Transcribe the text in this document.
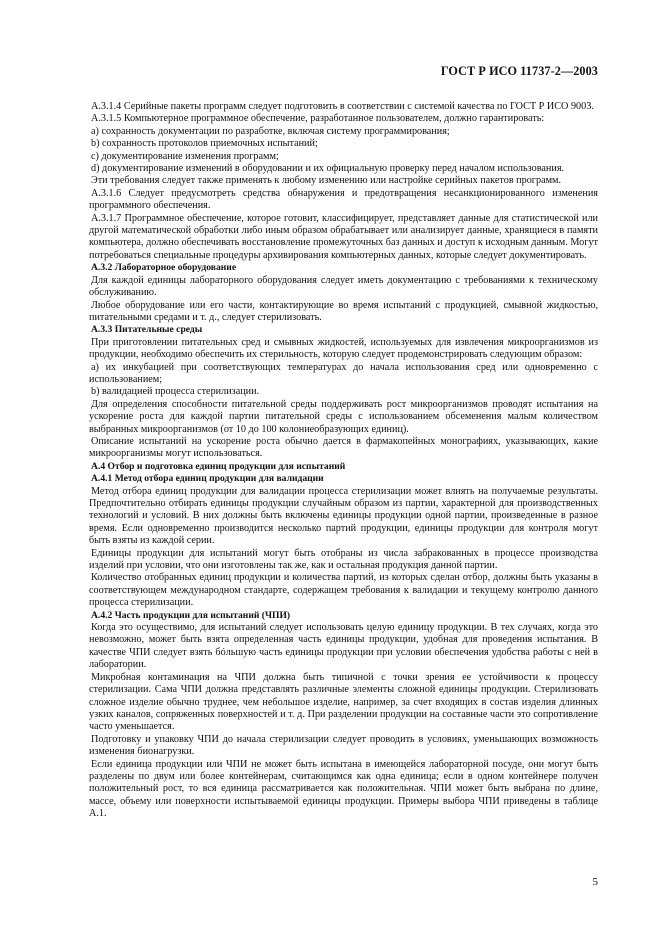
ГОСТ Р ИСО 11737-2—2003

А.3.1.4 Серийные пакеты программ следует подготовить в соответствии с системой качества по ГОСТ Р ИСО 9003.

А.3.1.5 Компьютерное программное обеспечение, разработанное пользователем, должно гарантировать:

а) сохранность документации по разработке, включая систему программирования;

b) сохранность протоколов приемочных испытаний;

c) документирование изменения программ;

d) документирование изменений в оборудовании и их официальную проверку перед началом использования.

Эти требования следует также применять к любому изменению или настройке серийных пакетов программ.

А.3.1.6 Следует предусмотреть средства обнаружения и предотвращения несанкционированного изменения программного обеспечения.

А.3.1.7 Программное обеспечение, которое готовит, классифицирует, представляет данные для статистической или другой математической обработки либо иным образом обрабатывает или анализирует данные, хранящиеся в памяти компьютера, должно обеспечивать восстановление промежуточных баз данных и доступ к исходным данным. Могут потребоваться специальные процедуры архивирования компьютерных данных, которые следует документировать.

А.3.2 Лабораторное оборудование

Для каждой единицы лабораторного оборудования следует иметь документацию с требованиями к техническому обслуживанию.

Любое оборудование или его части, контактирующие во время испытаний с продукцией, смывной жидкостью, питательными средами и т. д., следует стерилизовать.

А.3.3 Питательные среды

При приготовлении питательных сред и смывных жидкостей, используемых для извлечения микроорганизмов из продукции, необходимо обеспечить их стерильность, которую следует продемонстрировать следующим образом:

а) их инкубацией при соответствующих температурах до начала использования сред или одновременно с использованием;

b) валидацией процесса стерилизации.

Для определения способности питательной среды поддерживать рост микроорганизмов проводят испытания на ускорение роста для каждой партии питательной среды с использованием обсеменения малым количеством выбранных микроорганизмов (от 10 до 100 колониеобразующих единиц).

Описание испытаний на ускорение роста обычно дается в фармакопейных монографиях, указывающих, какие микроорганизмы могут использоваться.

А.4 Отбор и подготовка единиц продукции для испытаний

А.4.1 Метод отбора единиц продукции для валидации

Метод отбора единиц продукции для валидации процесса стерилизации может влиять на получаемые результаты. Предпочтительно отбирать единицы продукции случайным образом из партии, характерной для производственных технологий и условий. В них должны быть включены единицы продукции одной партии, произведенные в разное время. Если одновременно производится несколько партий продукции, единицы продукции для контроля могут быть взяты из каждой серии.

Единицы продукции для испытаний могут быть отобраны из числа забракованных в процессе производства изделий при условии, что они изготовлены так же, как и остальная продукция данной партии.

Количество отобранных единиц продукции и количества партий, из которых сделан отбор, должны быть указаны в соответствующем международном стандарте, содержащем требования к валидации и текущему контролю данного процесса стерилизации.

А.4.2 Часть продукции для испытаний (ЧПИ)

Когда это осуществимо, для испытаний следует использовать целую единицу продукции. В тех случаях, когда это невозможно, может быть взята определенная часть единицы продукции, удобная для проведения испытания. В качестве ЧПИ следует взять бóльшую часть единицы продукции при условии обеспечения удобства работы с ней в лаборатории.

Микробная контаминация на ЧПИ должна быть типичной с точки зрения ее устойчивости к процессу стерилизации. Сама ЧПИ должна представлять различные элементы сложной единицы продукции. Стерилизовать сложное изделие обычно труднее, чем небольшое изделие, например, за счет входящих в состав изделия длинных узких каналов, сопряженных поверхностей и т. д. При разделении продукции на составные части это сопротивление часто уменьшается.

Подготовку и упаковку ЧПИ до начала стерилизации следует проводить в условиях, уменьшающих возможность изменения бионагрузки.

Если единица продукции или ЧПИ не может быть испытана в имеющейся лабораторной посуде, они могут быть разделены по двум или более контейнерам, считающимся как одна единица; если в одном контейнере получен положительный рост, то вся единица рассматривается как положительная. ЧПИ может быть выбрана по длине, массе, объему или поверхности испытываемой единицы продукции. Примеры выбора ЧПИ приведены в таблице А.1.

5
